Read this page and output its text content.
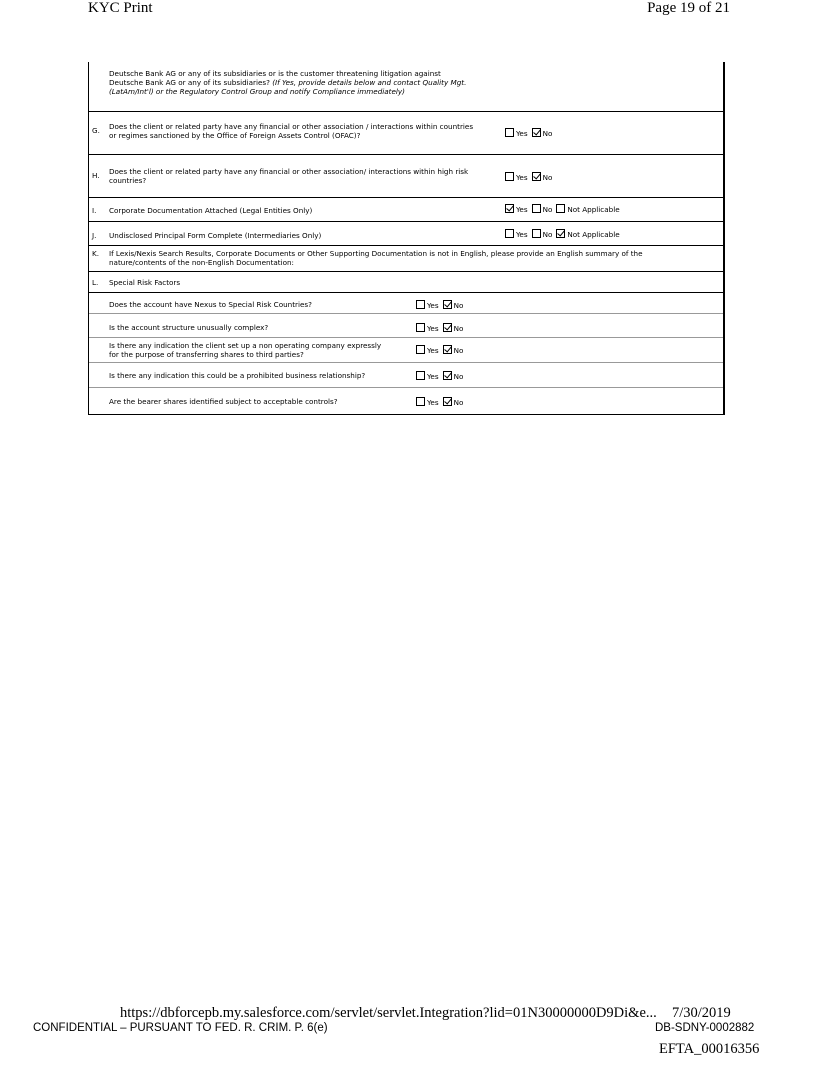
KYC Print	Page 19 of 21
Deutsche Bank AG or any of its subsidiaries or is the customer threatening litigation against
Deutsche Bank AG or any of its subsidiaries? (If Yes, provide details below and contact Quality Mgt.
(LatAm/Int'l) or the Regulatory Control Group and notify Compliance immediately)
G. Does the client or related party have any financial or other association / interactions within countries
or regimes sanctioned by the Office of Foreign Assets Control (OFAC)?	Yes No
H. Does the client or related party have any financial or other association/ interactions within high risk
countries?	Yes No
I. Corporate Documentation Attached (Legal Entities Only)	Yes No Not Applicable
J. Undisclosed Principal Form Complete (Intermediaries Only)	Yes No Not Applicable
K. If Lexis/Nexis Search Results, Corporate Documents or Other Supporting Documentation is not in English, please provide an English summary of the
nature/contents of the non-English Documentation:
L. Special Risk Factors
Does the account have Nexus to Special Risk Countries?	Yes No
Is the account structure unusually complex?	Yes No
Is there any indication the client set up a non operating company expressly
for the purpose of transferring shares to third parties?	Yes No
Is there any indication this could be a prohibited business relationship?	Yes No
Are the bearer shares identified subject to acceptable controls?	Yes No
https://dbforcepb.my.salesforce.com/servlet/servlet.Integration?lid=01N30000000D9Di&e... 7/30/2019
CONFIDENTIAL – PURSUANT TO FED. R. CRIM. P. 6(e)	DB-SDNY-0002882
EFTA_00016356
